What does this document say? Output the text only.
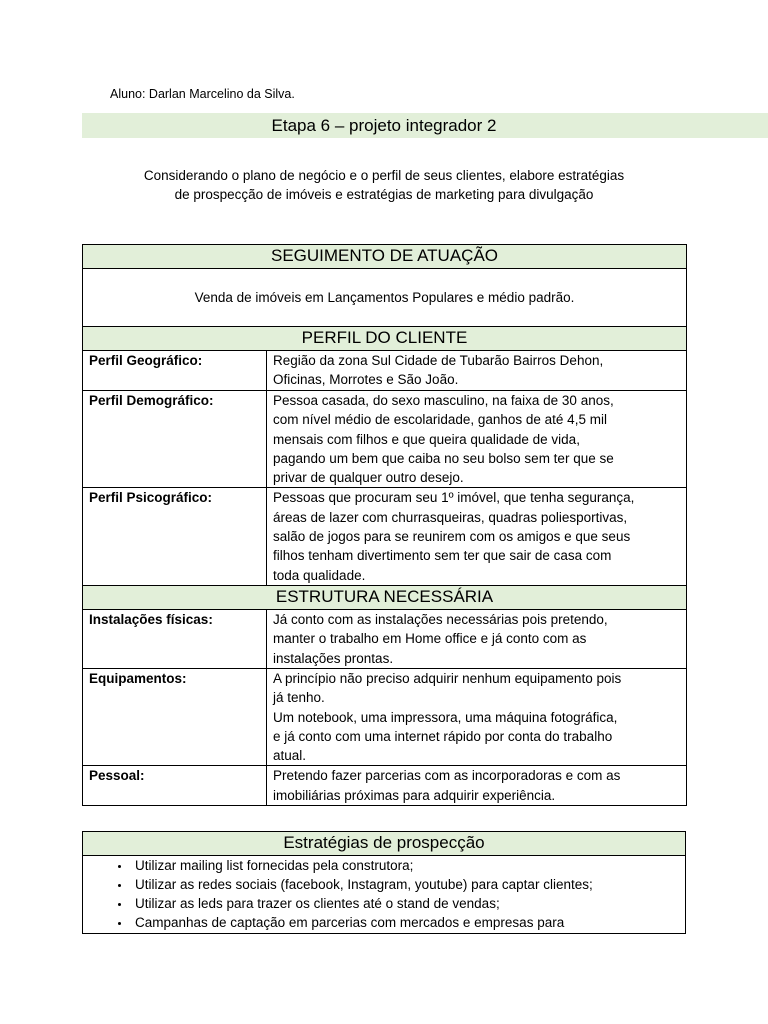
Aluno: Darlan Marcelino da Silva.
Etapa 6 – projeto integrador 2
Considerando o plano de negócio e o perfil de seus clientes, elabore estratégias
de prospecção de imóveis e estratégias de marketing para divulgação
SEGUIMENTO DE ATUAÇÃO	
Venda de imóveis em Lançamentos Populares e médio padrão.	
PERFIL DO CLIENTE	
Perfil Geográfico:	Região da zona Sul Cidade de Tubarão Bairros Dehon,
Oficinas, Morrotes e São João.

Perfil Demográfico:	Pessoa casada, do sexo masculino, na faixa de 30 anos,
com nível médio de escolaridade, ganhos de até 4,5 mil
mensais com filhos e que queira qualidade de vida,
pagando um bem que caiba no seu bolso sem ter que se
privar de qualquer outro desejo.

Perfil Psicográfico:	Pessoas que procuram seu 1º imóvel, que tenha segurança,
áreas de lazer com churrasqueiras, quadras poliesportivas,
salão de jogos para se reunirem com os amigos e que seus
filhos tenham divertimento sem ter que sair de casa com
toda qualidade.

ESTRUTURA NECESSÁRIA	
Instalações físicas:	Já conto com as instalações necessárias pois pretendo,
manter o trabalho em Home office e já conto com as
instalações prontas.

Equipamentos:	A princípio não preciso adquirir nenhum equipamento pois
já tenho.
Um notebook, uma impressora, uma máquina fotográfica,
e já conto com uma internet rápido por conta do trabalho
atual.

Pessoal:	Pretendo fazer parcerias com as incorporadoras e com as
imobiliárias próximas para adquirir experiência.
Estratégias de prospecção

• Utilizar mailing list fornecidas pela construtora;
• Utilizar as redes sociais (facebook, Instagram, youtube) para captar clientes;
• Utilizar as leds para trazer os clientes até o stand de vendas;
• Campanhas de captação em parcerias com mercados e empresas para
